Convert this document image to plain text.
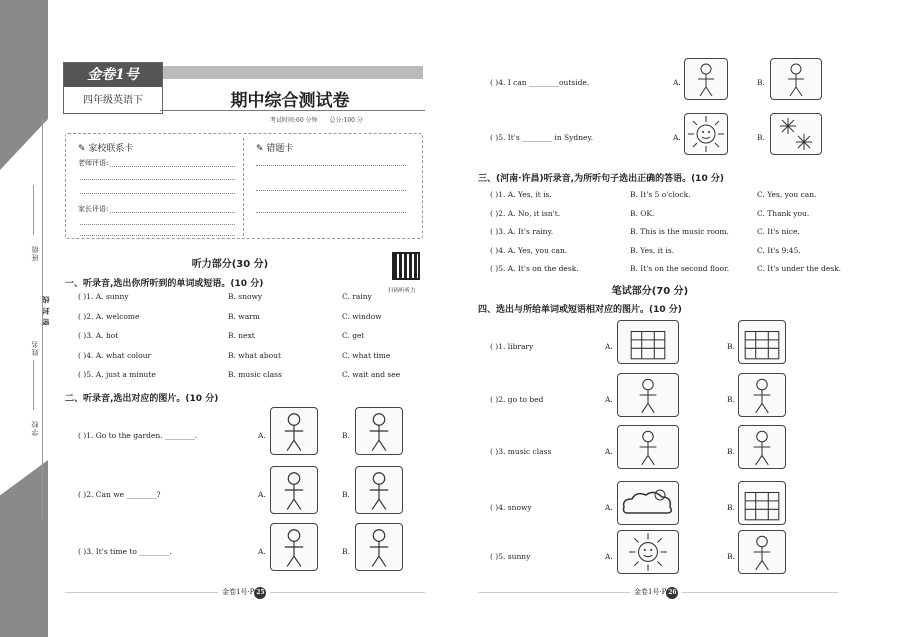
班级
姓名
密 封 线
学校
金卷1号
四年级英语下	期中综合测试卷
考试时间:60 分钟 总分:100 分
✎ 家校联系卡
老师评语:
家长评语:
✎ 错题卡
听力部分(30 分)
扫码听听力
一、听录音,选出你所听到的单词或短语。(10 分)
( )1. A. sunny	B. snowy	C. rainy
( )2. A. welcome	B. warm	C. window
( )3. A. hot	B. next	C. get
( )4. A. what colour	B. what about	C. what time
( )5. A. just a minute	B. music class	C. wait and see
二、听录音,选出对应的图片。(10 分)
( )1. Go to the garden. ________.	A.	B.
( )2. Can we ________?	A.	B.
( )3. It's time to ________.	A.	B.
( )4. I can ________outside.	A.	B.
( )5. It's ________ in Sydney.	A.	B.
三、(河南·许昌)听录音,为所听句子选出正确的答语。(10 分)
( )1. A. Yes, it is.	B. It's 5 o'clock.	C. Yes, you can.
( )2. A. No, it isn't.	B. OK.	C. Thank you.
( )3. A. It's rainy.	B. This is the music room.	C. It's nice.
( )4. A. Yes, you can.	B. Yes, it is.	C. It's 9:45.
( )5. A. It's on the desk.	B. It's on the second floor.	C. It's under the desk.
笔试部分(70 分)
四、选出与所给单词或短语相对应的图片。(10 分)
( )1. library	A.	B.
( )2. go to bed	A.	B.
( )3. music class	A.	B.
( )4. snowy	A.	B.
( )5. sunny	A.	B.
金卷1号·P 25	金卷1号·P 26
